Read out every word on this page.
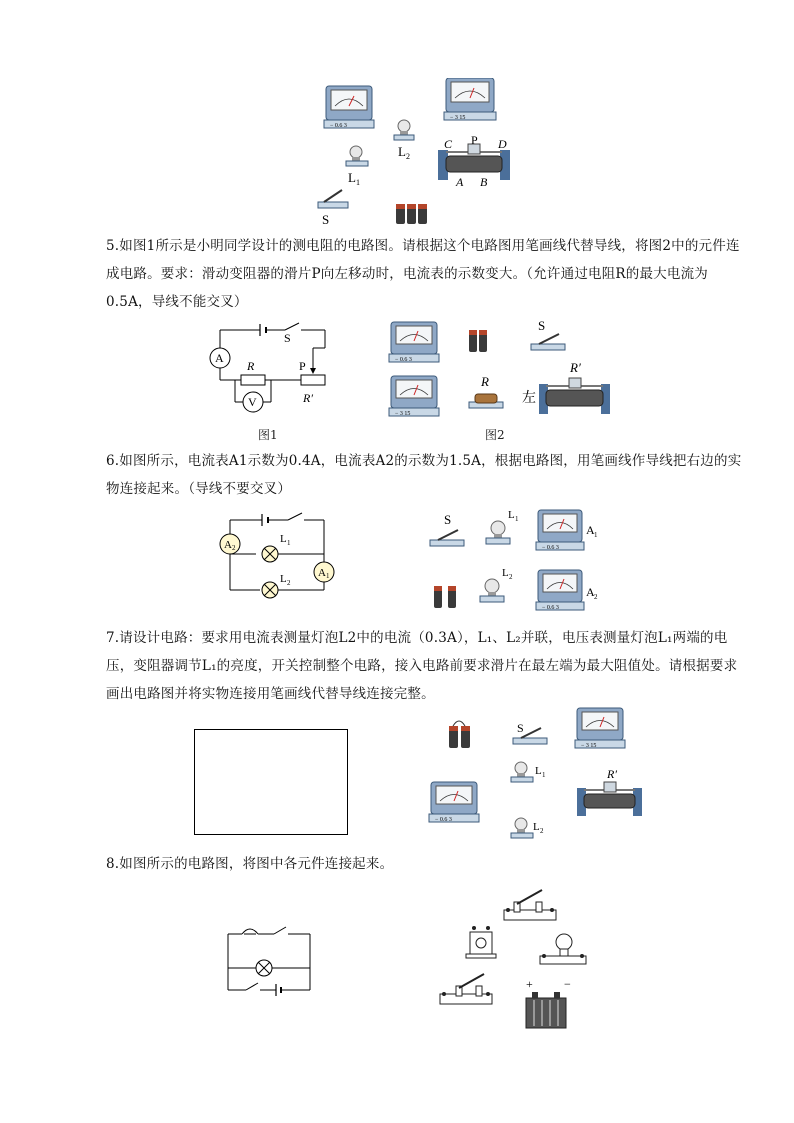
− 0.6 3
− 3 15
L 2
L 1
C P D
A B
S
5.如图1所示是小明同学设计的测电阻的电路图。请根据这个电路图用笔画线代替导线，将图2中的元件连成电路。要求：滑动变阻器的滑片P向左移动时，电流表的示数变大。（允许通过电阻R的最大电流为0.5A，导线不能交叉）
A
R	P
S
R′
V
图1
− 0.6 3
S
− 3 15
R
左
R′
图2
6.如图所示，电流表A1示数为0.4A，电流表A2的示数为1.5A，根据电路图，用笔画线作导线把右边的实物连接起来。（导线不要交叉）
A 2
L 1
A 1
L 2
S	L 1
− 0.6 3
A 1
L 2
− 0.6 3
A 2
7.请设计电路：要求用电流表测量灯泡L2中的电流（0.3A），L₁、L₂并联，电压表测量灯泡L₁两端的电压，变阻器调节L₁的亮度，开关控制整个电路，接入电路前要求滑片在最左端为最大阻值处。请根据要求画出电路图并将实物连接用笔画线代替导线连接完整。
S
− 3 15
L 1
− 0.6 3
R′
L 2
8.如图所示的电路图，将图中各元件连接起来。
+	−
